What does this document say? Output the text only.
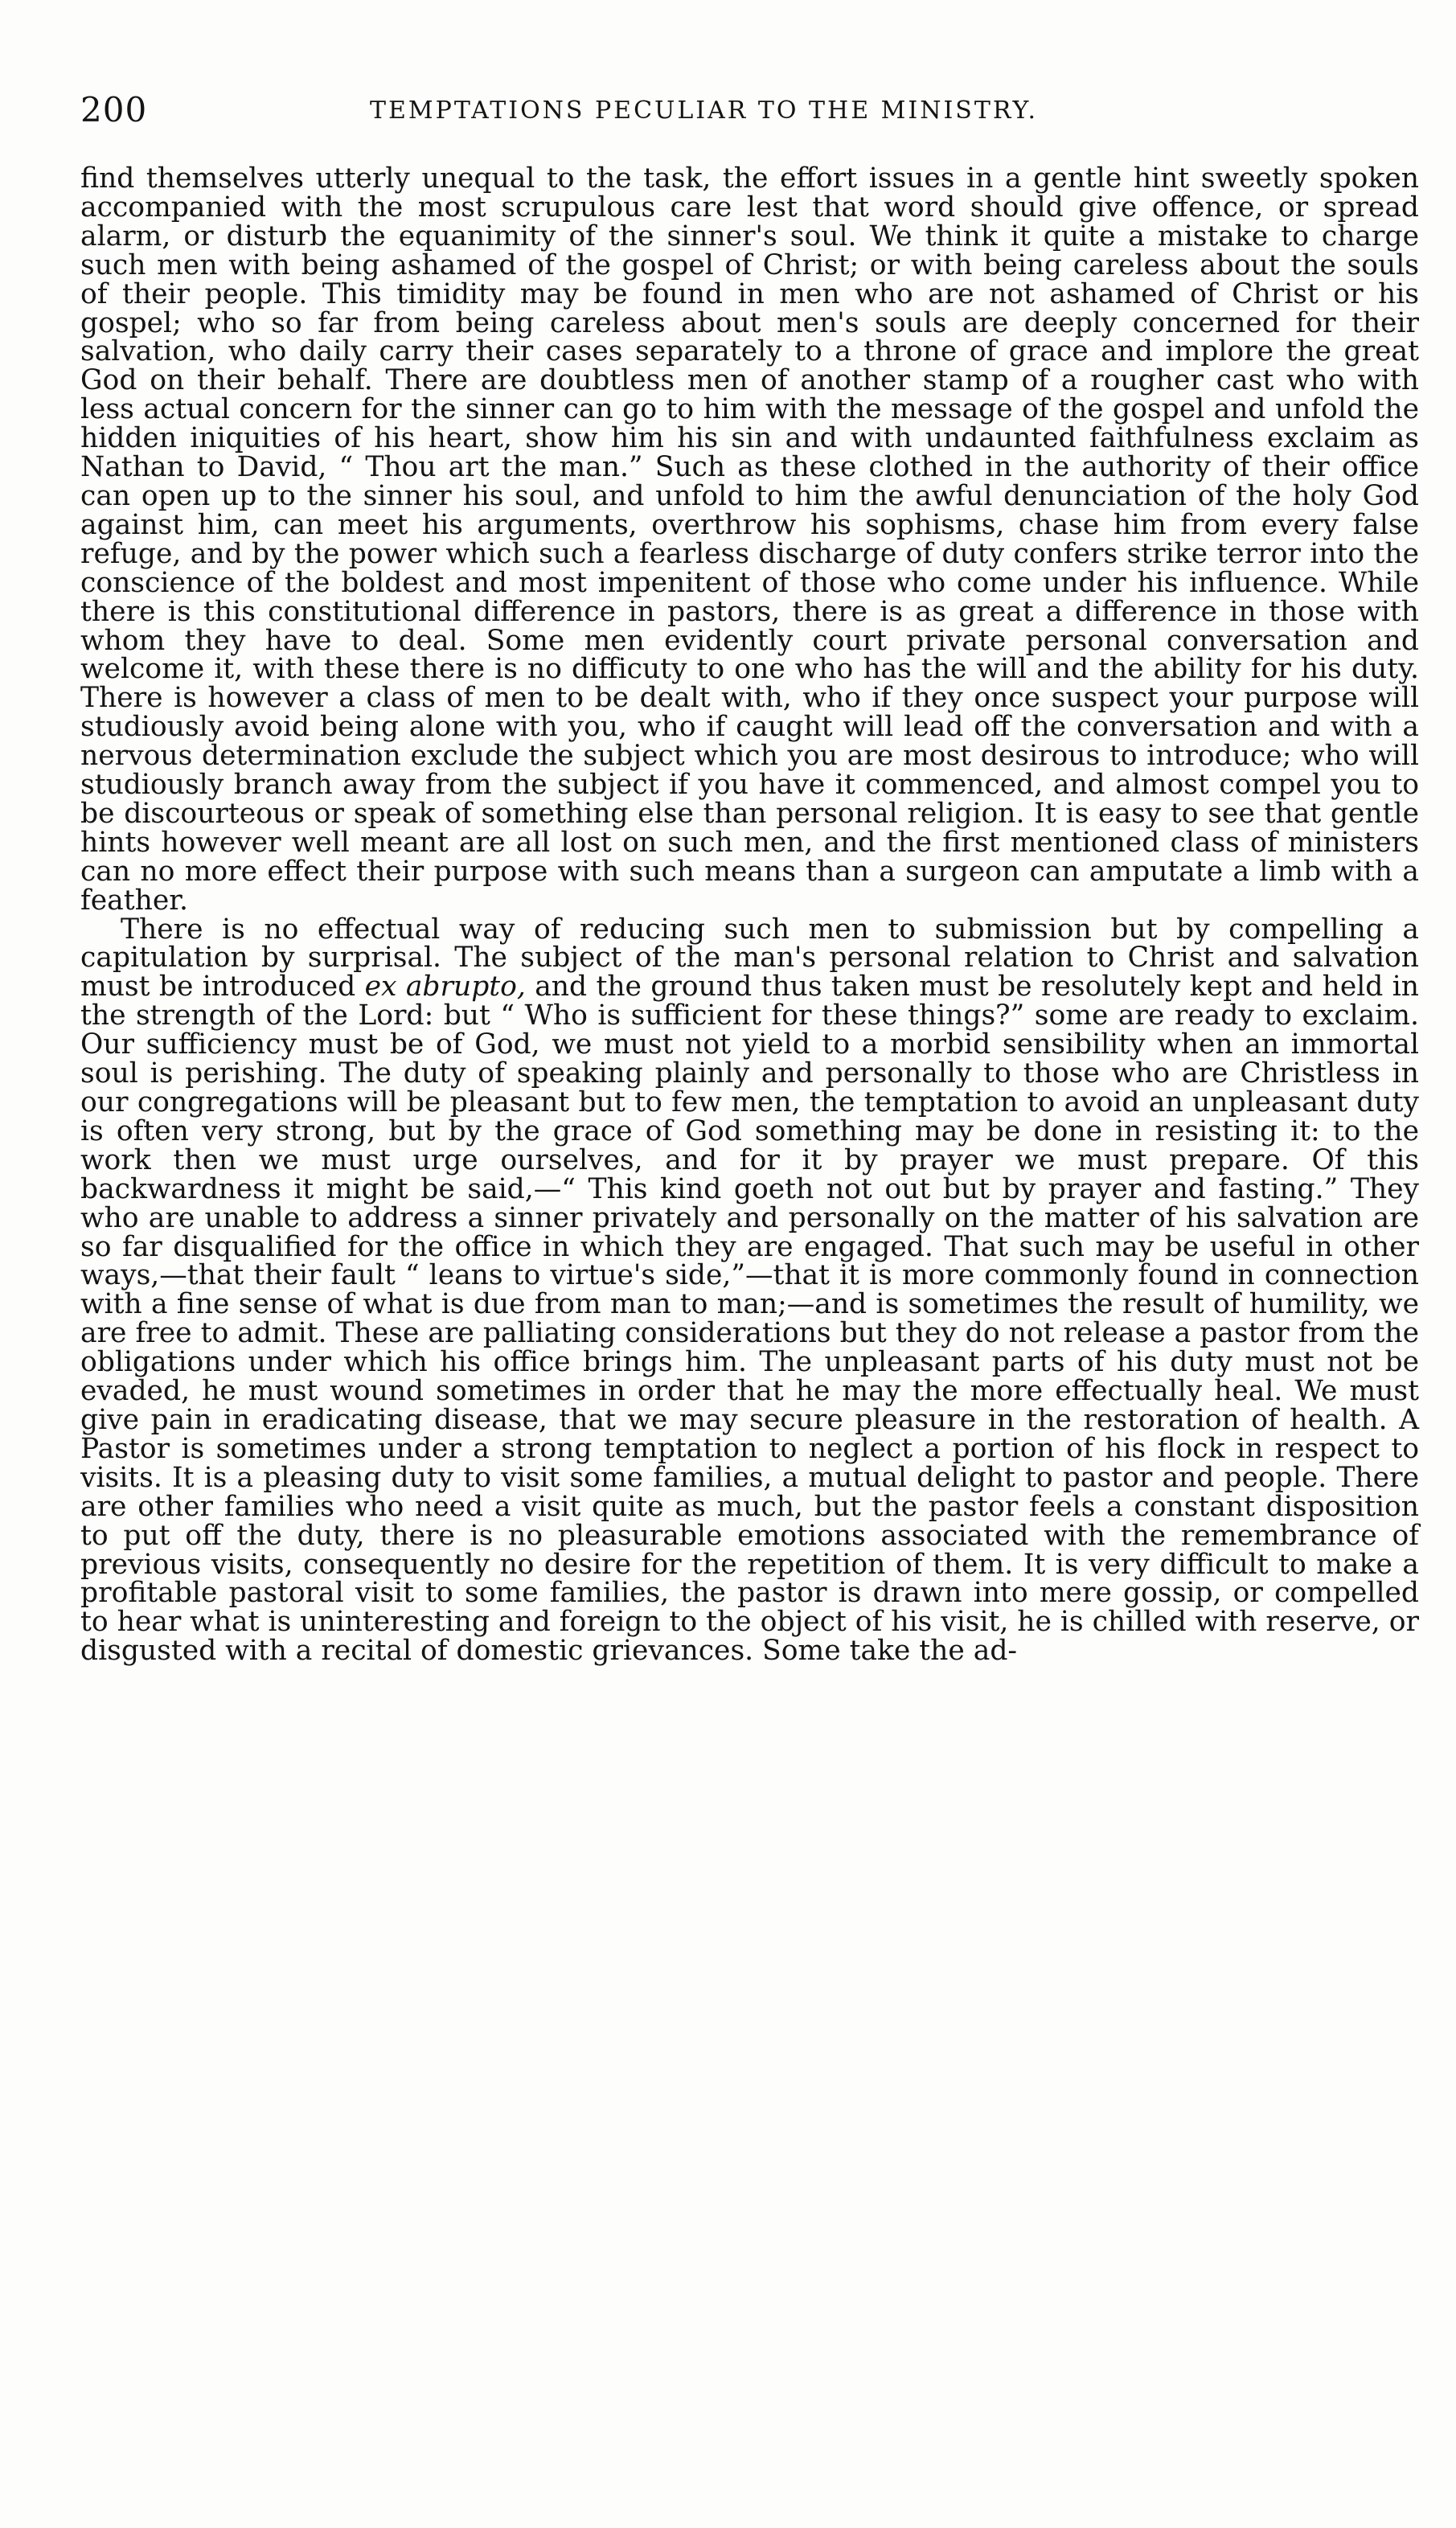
200	TEMPTATIONS PECULIAR TO THE MINISTRY.

find themselves utterly unequal to the task, the effort issues in a gentle hint sweetly spoken accompanied with the most scrupulous care lest that word should give offence, or spread alarm, or disturb the equanimity of the sinner's soul. We think it quite a mistake to charge such men with being ashamed of the gospel of Christ; or with being careless about the souls of their people. This timidity may be found in men who are not ashamed of Christ or his gospel; who so far from being careless about men's souls are deeply concerned for their salvation, who daily carry their cases separately to a throne of grace and implore the great God on their behalf. There are doubtless men of another stamp of a rougher cast who with less actual concern for the sinner can go to him with the message of the gospel and unfold the hidden iniquities of his heart, show him his sin and with undaunted faithfulness exclaim as Nathan to David, “ Thou art the man.” Such as these clothed in the authority of their office can open up to the sinner his soul, and unfold to him the awful denunciation of the holy God against him, can meet his arguments, overthrow his sophisms, chase him from every false refuge, and by the power which such a fearless discharge of duty confers strike terror into the conscience of the boldest and most impenitent of those who come under his influence. While there is this constitutional difference in pastors, there is as great a difference in those with whom they have to deal. Some men evidently court private personal conversation and welcome it, with these there is no difficuty to one who has the will and the ability for his duty. There is however a class of men to be dealt with, who if they once suspect your purpose will studiously avoid being alone with you, who if caught will lead off the conversation and with a nervous determination exclude the subject which you are most desirous to introduce; who will studiously branch away from the subject if you have it commenced, and almost compel you to be discourteous or speak of something else than personal religion. It is easy to see that gentle hints however well meant are all lost on such men, and the first mentioned class of ministers can no more effect their purpose with such means than a surgeon can amputate a limb with a feather.

There is no effectual way of reducing such men to submission but by compelling a capitulation by surprisal. The subject of the man's personal relation to Christ and salvation must be introduced ex abrupto, and the ground thus taken must be resolutely kept and held in the strength of the Lord: but “ Who is sufficient for these things?” some are ready to exclaim. Our sufficiency must be of God, we must not yield to a morbid sensibility when an immortal soul is perishing. The duty of speaking plainly and personally to those who are Christless in our congregations will be pleasant but to few men, the temptation to avoid an unpleasant duty is often very strong, but by the grace of God something may be done in resisting it: to the work then we must urge ourselves, and for it by prayer we must prepare. Of this backwardness it might be said,—“ This kind goeth not out but by prayer and fasting.” They who are unable to address a sinner privately and personally on the matter of his salvation are so far disqualified for the office in which they are engaged. That such may be useful in other ways,—that their fault “ leans to virtue's side,”—that it is more commonly found in connection with a fine sense of what is due from man to man;—and is sometimes the result of humility, we are free to admit. These are palliating considerations but they do not release a pastor from the obligations under which his office brings him. The unpleasant parts of his duty must not be evaded, he must wound sometimes in order that he may the more effectually heal. We must give pain in eradicating disease, that we may secure pleasure in the restoration of health. A Pastor is sometimes under a strong temptation to neglect a portion of his flock in respect to visits. It is a pleasing duty to visit some families, a mutual delight to pastor and people. There are other families who need a visit quite as much, but the pastor feels a constant disposition to put off the duty, there is no pleasurable emotions associated with the remembrance of previous visits, consequently no desire for the repetition of them. It is very difficult to make a profitable pastoral visit to some families, the pastor is drawn into mere gossip, or compelled to hear what is uninteresting and foreign to the object of his visit, he is chilled with reserve, or disgusted with a recital of domestic grievances. Some take the ad-
